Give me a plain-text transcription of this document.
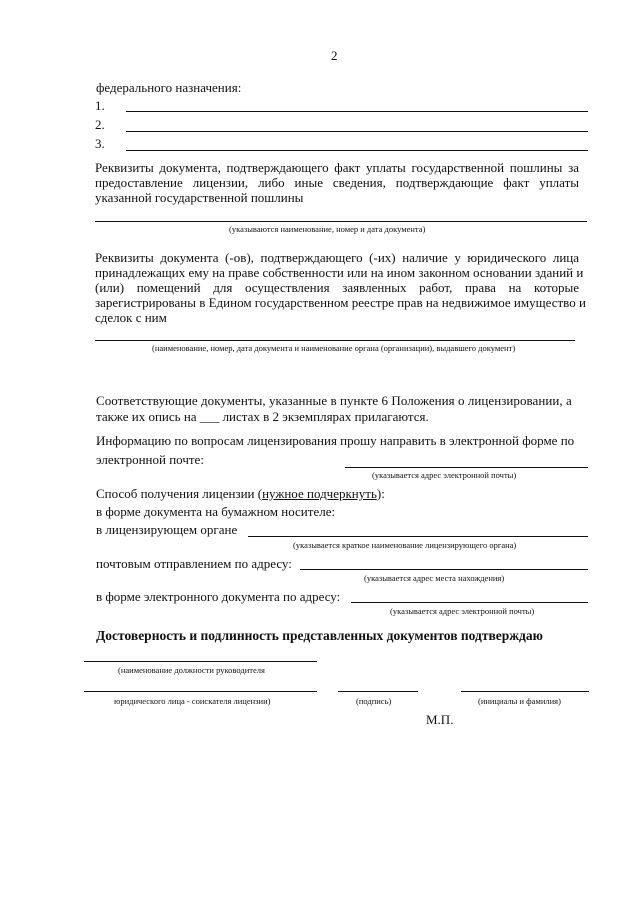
2
федерального назначения:
1.
2.
3.
Реквизиты документа, подтверждающего факт уплаты государственной пошлины за
предоставление лицензии, либо иные сведения, подтверждающие факт уплаты
указанной государственной пошлины
(указываются наименование, номер и дата документа)
Реквизиты документа (-ов), подтверждающего (-их) наличие у юридического лица
принадлежащих ему на праве собственности или на ином законном основании зданий и
(или) помещений для осуществления заявленных работ, права на которые
зарегистрированы в Едином государственном реестре прав на недвижимое имущество и
сделок с ним
(наименование, номер, дата документа и наименование органа (организации), выдавшего документ)
Соответствующие документы, указанные в пункте 6 Положения о лицензировании, а
также их опись на ___ листах в 2 экземплярах прилагаются.
Информацию по вопросам лицензирования прошу направить в электронной форме по
электронной почте:
(указывается адрес электронной почты)
Способ получения лицензии (нужное подчеркнуть):
в форме документа на бумажном носителе:
в лицензирующем органе
(указывается краткое наименование лицензирующего органа)
почтовым отправлением по адресу:
(указывается адрес места нахождения)
в форме электронного документа по адресу:
(указывается адрес электронной почты)
Достоверность и подлинность представленных документов подтверждаю
(наименование должности руководителя
юридического лица - соискателя лицензии)	(подпись)	(инициалы и фамилия)
М.П.
